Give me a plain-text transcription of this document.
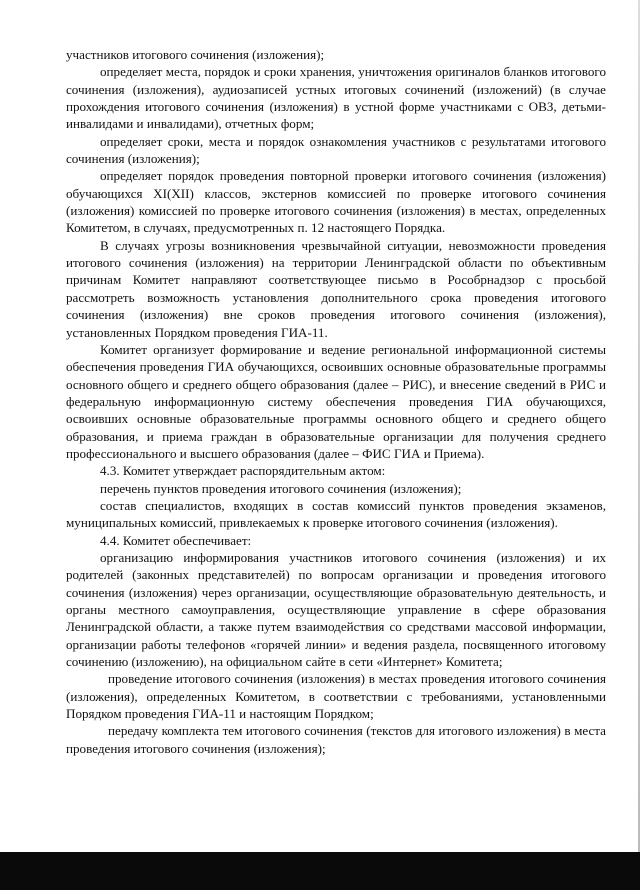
участников итогового сочинения (изложения);

определяет места, порядок и сроки хранения, уничтожения оригиналов бланков итогового сочинения (изложения), аудиозаписей устных итоговых сочинений (изложений) (в случае прохождения итогового сочинения (изложения) в устной форме участниками с ОВЗ, детьми-инвалидами и инвалидами), отчетных форм;

определяет сроки, места и порядок ознакомления участников с результатами итогового сочинения (изложения);

определяет порядок проведения повторной проверки итогового сочинения (изложения) обучающихся XI(XII) классов, экстернов комиссией по проверке итогового сочинения (изложения) комиссией по проверке итогового сочинения (изложения) в местах, определенных Комитетом, в случаях, предусмотренных п. 12 настоящего Порядка.

В случаях угрозы возникновения чрезвычайной ситуации, невозможности проведения итогового сочинения (изложения) на территории Ленинградской области по объективным причинам Комитет направляют соответствующее письмо в Рособрнадзор с просьбой рассмотреть возможность установления дополнительного срока проведения итогового сочинения (изложения) вне сроков проведения итогового сочинения (изложения), установленных Порядком проведения ГИА-11.

Комитет организует формирование и ведение региональной информационной системы обеспечения проведения ГИА обучающихся, освоивших основные образовательные программы основного общего и среднего общего образования (далее – РИС), и внесение сведений в РИС и федеральную информационную систему обеспечения проведения ГИА обучающихся, освоивших основные образовательные программы основного общего и среднего общего образования, и приема граждан в образовательные организации для получения среднего профессионального и высшего образования (далее – ФИС ГИА и Приема).

4.3. Комитет утверждает распорядительным актом:

перечень пунктов проведения итогового сочинения (изложения);

состав специалистов, входящих в состав комиссий пунктов проведения экзаменов, муниципальных комиссий, привлекаемых к проверке итогового сочинения (изложения).

4.4. Комитет обеспечивает:

организацию информирования участников итогового сочинения (изложения) и их родителей (законных представителей) по вопросам организации и проведения итогового сочинения (изложения) через организации, осуществляющие образовательную деятельность, и органы местного самоуправления, осуществляющие управление в сфере образования Ленинградской области, а также путем взаимодействия со средствами массовой информации, организации работы телефонов «горячей линии» и ведения раздела, посвященного итоговому сочинению (изложению), на официальном сайте в сети «Интернет» Комитета;

проведение итогового сочинения (изложения) в местах проведения итогового сочинения (изложения), определенных Комитетом, в соответствии с требованиями, установленными Порядком проведения ГИА-11 и настоящим Порядком;

передачу комплекта тем итогового сочинения (текстов для итогового изложения) в места проведения итогового сочинения (изложения);
